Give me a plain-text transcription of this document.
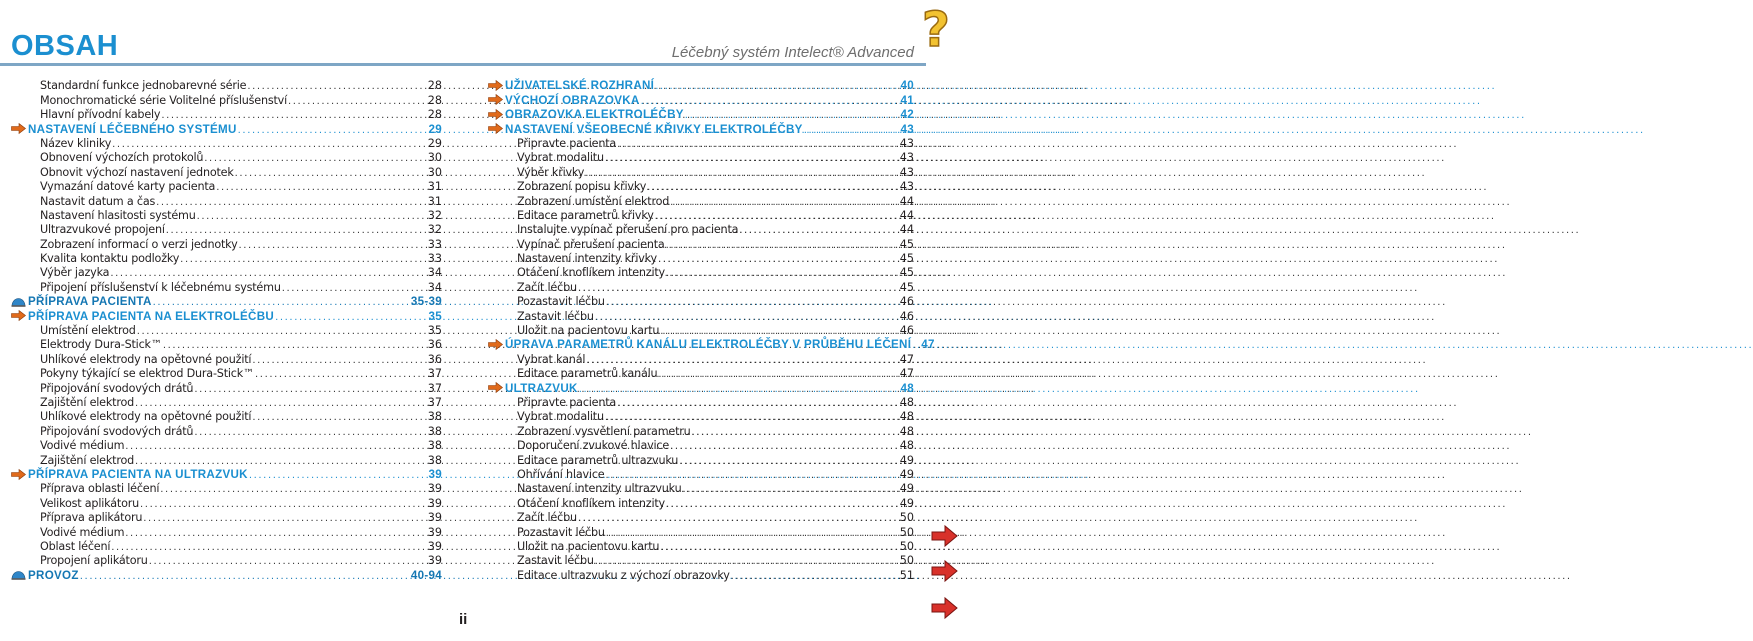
OBSAH	Léčebný systém Intelect® Advanced ?
Standardní funkce jednobarevné série .....	28
Monochromatické série Volitelné příslušenství .....	28
Hlavní přívodní kabely .....	28
NASTAVENÍ LÉČEBNÉHO SYSTÉMU .....	29
Název kliniky .....	29
Obnovení výchozích protokolů .....	30
Obnovit výchozí nastavení jednotek .....	30
Vymazání datové karty pacienta .....	31
Nastavit datum a čas .....	31
Nastavení hlasitosti systému .....	32
Ultrazvukové propojení .....	32
Zobrazení informací o verzi jednotky .....	33
Kvalita kontaktu podložky .....	33
Výběr jazyka .....	34
Připojení příslušenství k léčebnému systému .....	34
PŘÍPRAVA PACIENTA .....	35-39
PŘÍPRAVA PACIENTA NA ELEKTROLÉČBU .....	35
Umístění elektrod .....	35
Elektrody Dura-Stick™ .....	36
Uhlíkové elektrody na opětovné použití .....	36
Pokyny týkající se elektrod Dura-Stick™ .....	37
Připojování svodových drátů .....	37
Zajištění elektrod .....	37
Uhlíkové elektrody na opětovné použití .....	38
Připojování svodových drátů .....	38
Vodivé médium .....	38
Zajištění elektrod .....	38
PŘÍPRAVA PACIENTA NA ULTRAZVUK .....	39
Příprava oblasti léčení .....	39
Velikost aplikátoru .....	39
Příprava aplikátoru .....	39
Vodivé médium .....	39
Oblast léčení .....	39
Propojení aplikátoru .....	39
PROVOZ .....	40-94
UŽIVATELSKÉ ROZHRANÍ .....	40
VÝCHOZÍ OBRAZOVKA .....	41
OBRAZOVKA ELEKTROLÉČBY .....	42
NASTAVENÍ VŠEOBECNÉ KŘIVKY ELEKTROLÉČBY .....	43
Připravte pacienta .....	43
Vybrat modalitu .....	43
Výběr křivky .....	43
Zobrazení popisu křivky .....	43
Zobrazení umístění elektrod .....	44
Editace parametrů křivky .....	44
Instalujte vypínač přerušení pro pacienta .....	44
Vypínač přerušení pacienta .....	45
Nastavení intenzity křivky .....	45
Otáčení knoflíkem intenzity .....	45
Začít léčbu .....	45
Pozastavit léčbu .....	46
Zastavit léčbu .....	46
Uložit na pacientovu kartu .....	46
ÚPRAVA PARAMETRŮ KANÁLU ELEKTROLÉČBY V PRŮBĚHU LÉČENÍ ..... 47
Vybrat kanál .....	47
Editace parametrů kanálu .....	47
ULTRAZVUK .....	48
Připravte pacienta .....	48
Vybrat modalitu .....	48
Zobrazení vysvětlení parametru .....	48
Doporučení zvukové hlavice .....	48
Editace parametrů ultrazvuku .....	49
Ohřívání hlavice .....	49
Nastavení intenzity ultrazvuku .....	49
Otáčení knoflíkem intenzity .....	49
Začít léčbu .....	50
Pozastavit léčbu .....	50
Uložit na pacientovu kartu .....	50
Zastavit léčbu .....	50
Editace ultrazvuku z výchozí obrazovky .....	51
ii
